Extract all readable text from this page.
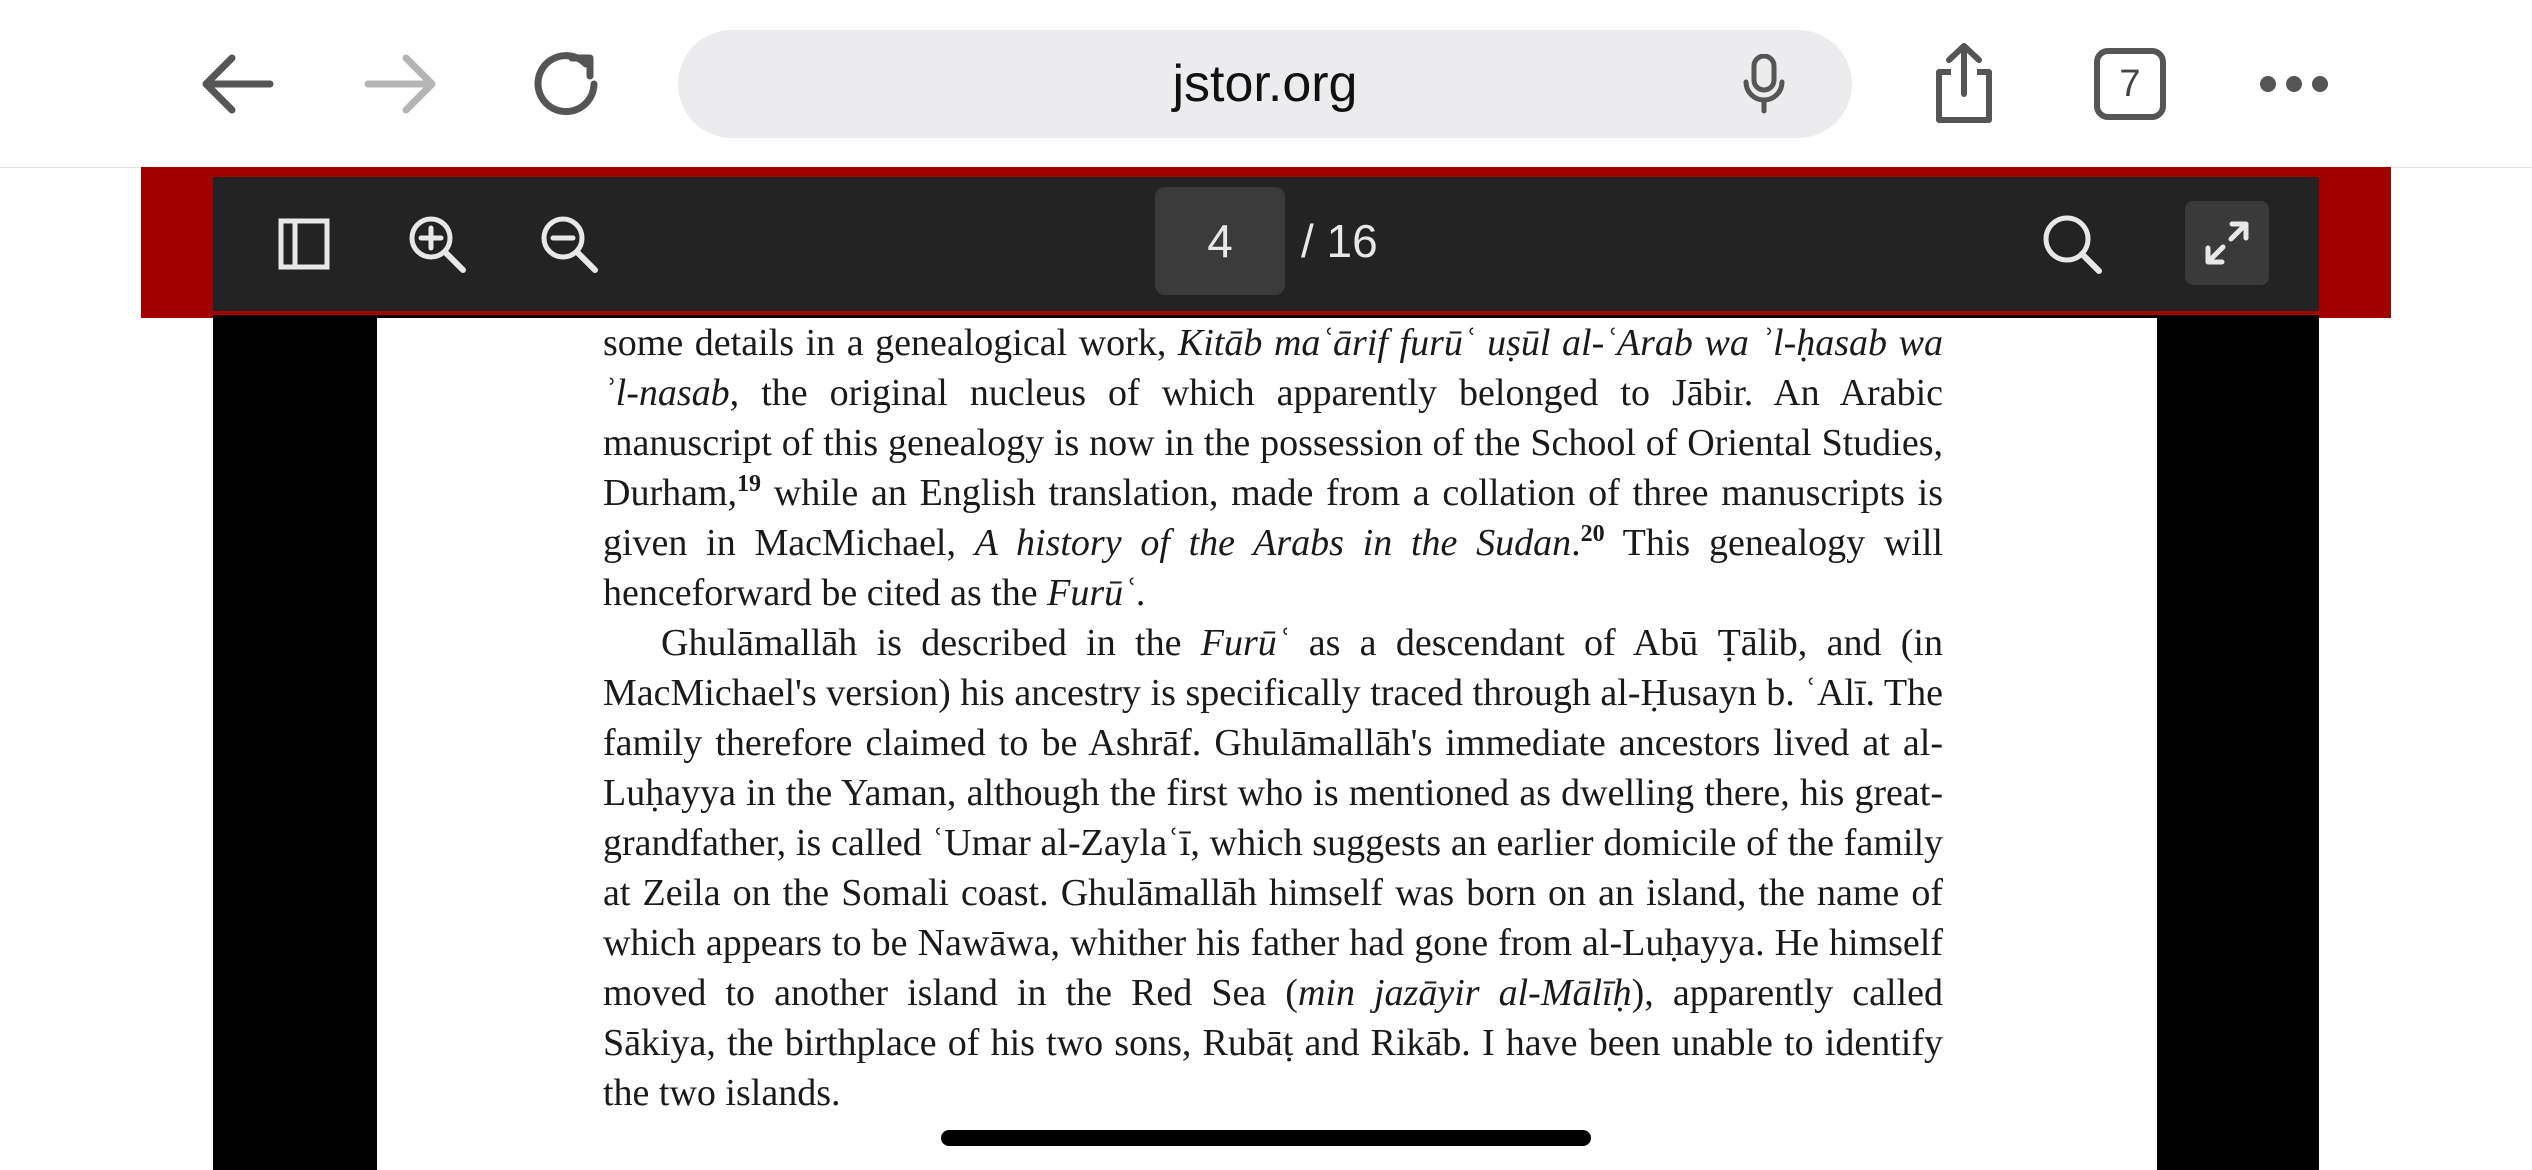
jstor.org	7
4
/ 16

some details in a genealogical work, Kitāb maʿārif furūʿ uṣūl al-ʿArab wa ʾl-ḥasab wa ʾl-nasab, the original nucleus of which apparently belonged to Jābir. An Arabic manuscript of this genealogy is now in the possession of the School of Oriental Studies, Durham,$^{19}$ while an English translation, made from a collation of three manuscripts is given in MacMichael, A history of the Arabs in the Sudan.$^{20}$ This genealogy will henceforward be cited as the Furūʿ.

Ghulāmallāh is described in the Furūʿ as a descendant of Abū Ṭālib, and (in MacMichael's version) his ancestry is specifically traced through al-Ḥusayn b. ʿAlī. The family therefore claimed to be Ashrāf. Ghulāmallāh's immediate ancestors lived at al-Luḥayya in the Yaman, although the first who is mentioned as dwelling there, his great-grandfather, is called ʿUmar al-Zaylaʿī, which suggests an earlier domicile of the family at Zeila on the Somali coast. Ghulāmallāh himself was born on an island, the name of which appears to be Nawāwa, whither his father had gone from al-Luḥayya. He himself moved to another island in the Red Sea (min jazāyir al-Mālīḥ), apparently called Sākiya, the birthplace of his two sons, Rubāṭ and Rikāb. I have been unable to identify the two islands.
